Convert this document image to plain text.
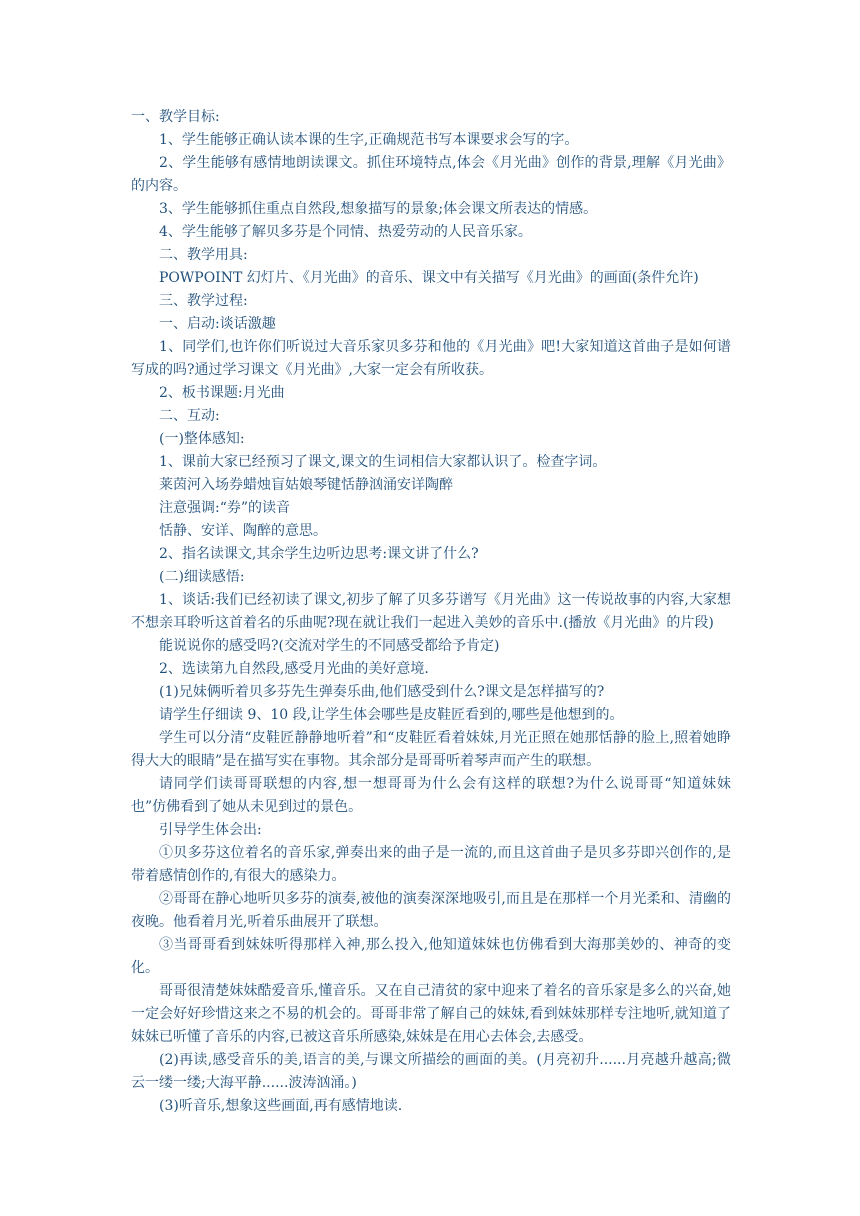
一、教学目标:

1、学生能够正确认读本课的生字,正确规范书写本课要求会写的字。

2、学生能够有感情地朗读课文。抓住环境特点,体会《月光曲》创作的背景,理解《月光曲》的内容。

3、学生能够抓住重点自然段,想象描写的景象;体会课文所表达的情感。

4、学生能够了解贝多芬是个同情、热爱劳动的人民音乐家。

二、教学用具:

POWPOINT 幻灯片、《月光曲》的音乐、课文中有关描写《月光曲》的画面(条件允许)

三、教学过程:

一、启动:谈话激趣

1、同学们,也许你们听说过大音乐家贝多芬和他的《月光曲》吧!大家知道这首曲子是如何谱写成的吗?通过学习课文《月光曲》,大家一定会有所收获。

2、板书课题:月光曲

二、互动:

(一)整体感知:

1、课前大家已经预习了课文,课文的生词相信大家都认识了。检查字词。

莱茵河入场券蜡烛盲姑娘琴键恬静汹涌安详陶醉

注意强调:“券”的读音

恬静、安详、陶醉的意思。

2、指名读课文,其余学生边听边思考:课文讲了什么?

(二)细读感悟:

1、谈话:我们已经初读了课文,初步了解了贝多芬谱写《月光曲》这一传说故事的内容,大家想不想亲耳聆听这首着名的乐曲呢?现在就让我们一起进入美妙的音乐中.(播放《月光曲》的片段)

能说说你的感受吗?(交流对学生的不同感受都给予肯定)

2、选读第九自然段,感受月光曲的美好意境.

(1)兄妹俩听着贝多芬先生弹奏乐曲,他们感受到什么?课文是怎样描写的?

请学生仔细读 9、10 段,让学生体会哪些是皮鞋匠看到的,哪些是他想到的。

学生可以分清“皮鞋匠静静地听着”和“皮鞋匠看着妹妹,月光正照在她那恬静的脸上,照着她睁得大大的眼睛”是在描写实在事物。其余部分是哥哥听着琴声而产生的联想。

请同学们读哥哥联想的内容,想一想哥哥为什么会有这样的联想?为什么说哥哥“知道妹妹也”仿佛看到了她从未见到过的景色。

引导学生体会出:

①贝多芬这位着名的音乐家,弹奏出来的曲子是一流的,而且这首曲子是贝多芬即兴创作的,是带着感情创作的,有很大的感染力。

②哥哥在静心地听贝多芬的演奏,被他的演奏深深地吸引,而且是在那样一个月光柔和、清幽的夜晚。他看着月光,听着乐曲展开了联想。

③当哥哥看到妹妹听得那样入神,那么投入,他知道妹妹也仿佛看到大海那美妙的、神奇的变化。

哥哥很清楚妹妹酷爱音乐,懂音乐。又在自己清贫的家中迎来了着名的音乐家是多么的兴奋,她一定会好好珍惜这来之不易的机会的。哥哥非常了解自己的妹妹,看到妹妹那样专注地听,就知道了妹妹已听懂了音乐的内容,已被这音乐所感染,妹妹是在用心去体会,去感受。

(2)再读,感受音乐的美,语言的美,与课文所描绘的画面的美。(月亮初升......月亮越升越高;微云一缕一缕;大海平静......波涛汹涌。)

(3)听音乐,想象这些画面,再有感情地读.
